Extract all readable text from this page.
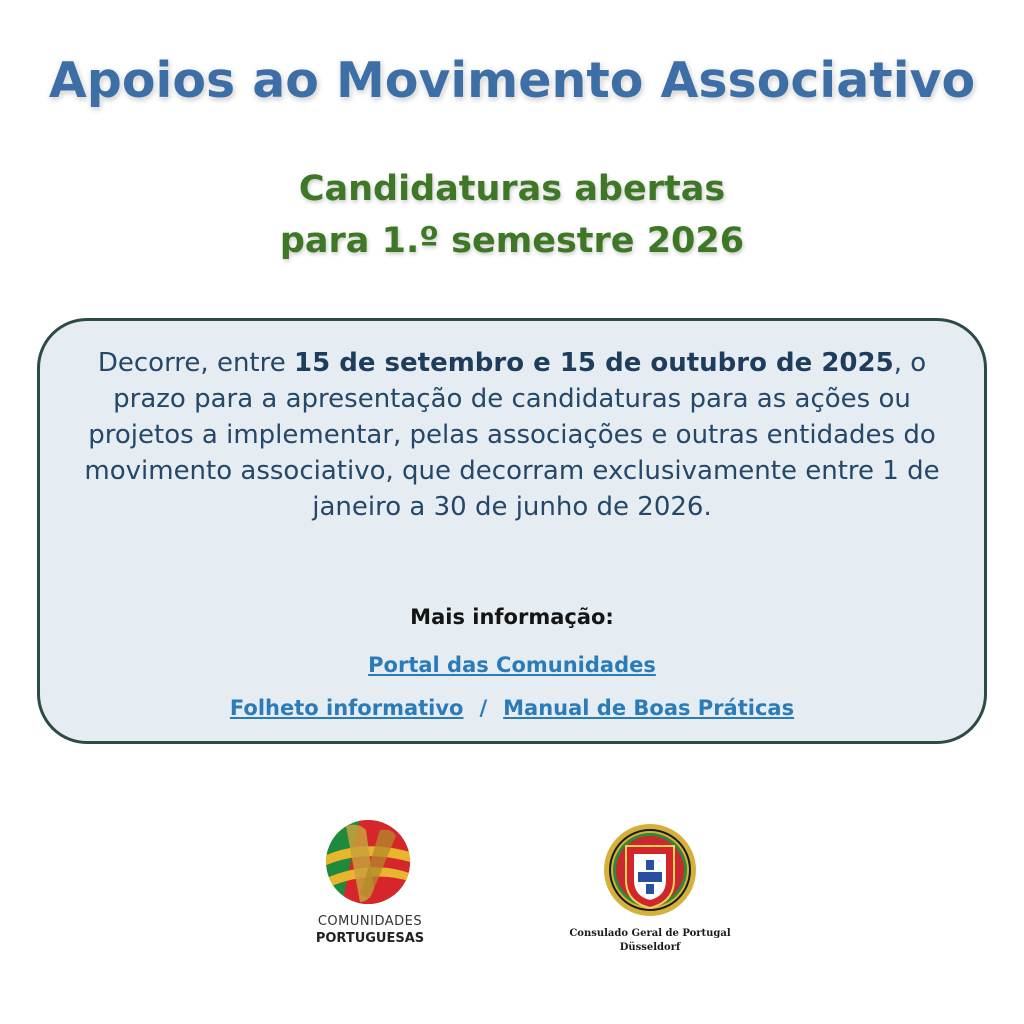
Apoios ao Movimento Associativo
Candidaturas abertas
para 1.º semestre 2026
Decorre, entre 15 de setembro e 15 de outubro de 2025, o prazo para a apresentação de candidaturas para as ações ou projetos a implementar, pelas associações e outras entidades do movimento associativo, que decorram exclusivamente entre 1 de janeiro a 30 de junho de 2026.
Mais informação:
Portal das Comunidades
Folheto informativo / Manual de Boas Práticas
COMUNIDADES
PORTUGUESAS	Consulado Geral de Portugal
Düsseldorf
